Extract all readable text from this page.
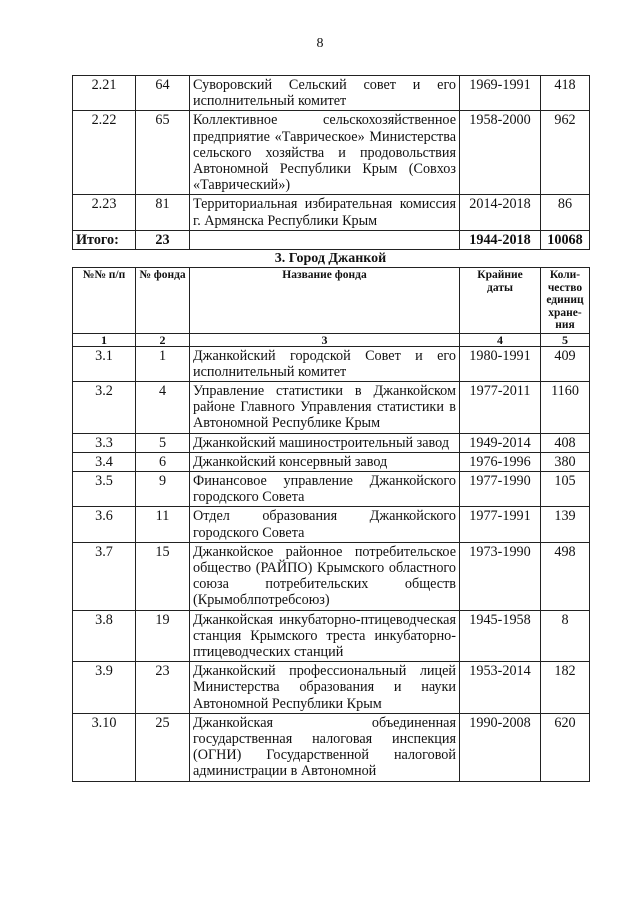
8
2.21	64	Суворовский Сельский совет и его исполнительный комитет	1969-1991	418
2.22	65	Коллективное сельскохозяйственное предприятие «Таврическое» Министерства сельского хозяйства и продовольствия Автономной Республики Крым (Совхоз «Таврический»)	1958-2000	962
2.23	81	Территориальная избирательная комиссия г. Армянска Республики Крым	2014-2018	86
Итого:	23		1944-2018	10068
3. Город Джанкой
№№ п/п	№ фонда	Название фонда	Крайние даты	Коли-чество единиц хране-ния
1	2	3	4	5
3.1	1	Джанкойский городской Совет и его исполнительный комитет	1980-1991	409
3.2	4	Управление статистики в Джанкойском районе Главного Управления статистики в Автономной Республике Крым	1977-2011	1160
3.3	5	Джанкойский машиностроительный завод	1949-2014	408
3.4	6	Джанкойский консервный завод	1976-1996	380
3.5	9	Финансовое управление Джанкойского городского Совета	1977-1990	105
3.6	11	Отдел образования Джанкойского городского Совета	1977-1991	139
3.7	15	Джанкойское районное потребительское общество (РАЙПО) Крымского областного союза потребительских обществ (Крымоблпотребсоюз)	1973-1990	498
3.8	19	Джанкойская инкубаторно-птицеводческая станция Крымского треста инкубаторно-птицеводческих станций	1945-1958	8
3.9	23	Джанкойский профессиональный лицей Министерства образования и науки Автономной Республики Крым	1953-2014	182
3.10	25	Джанкойская объединенная государственная налоговая инспекция (ОГНИ) Государственной налоговой администрации в Автономной	1990-2008	620
